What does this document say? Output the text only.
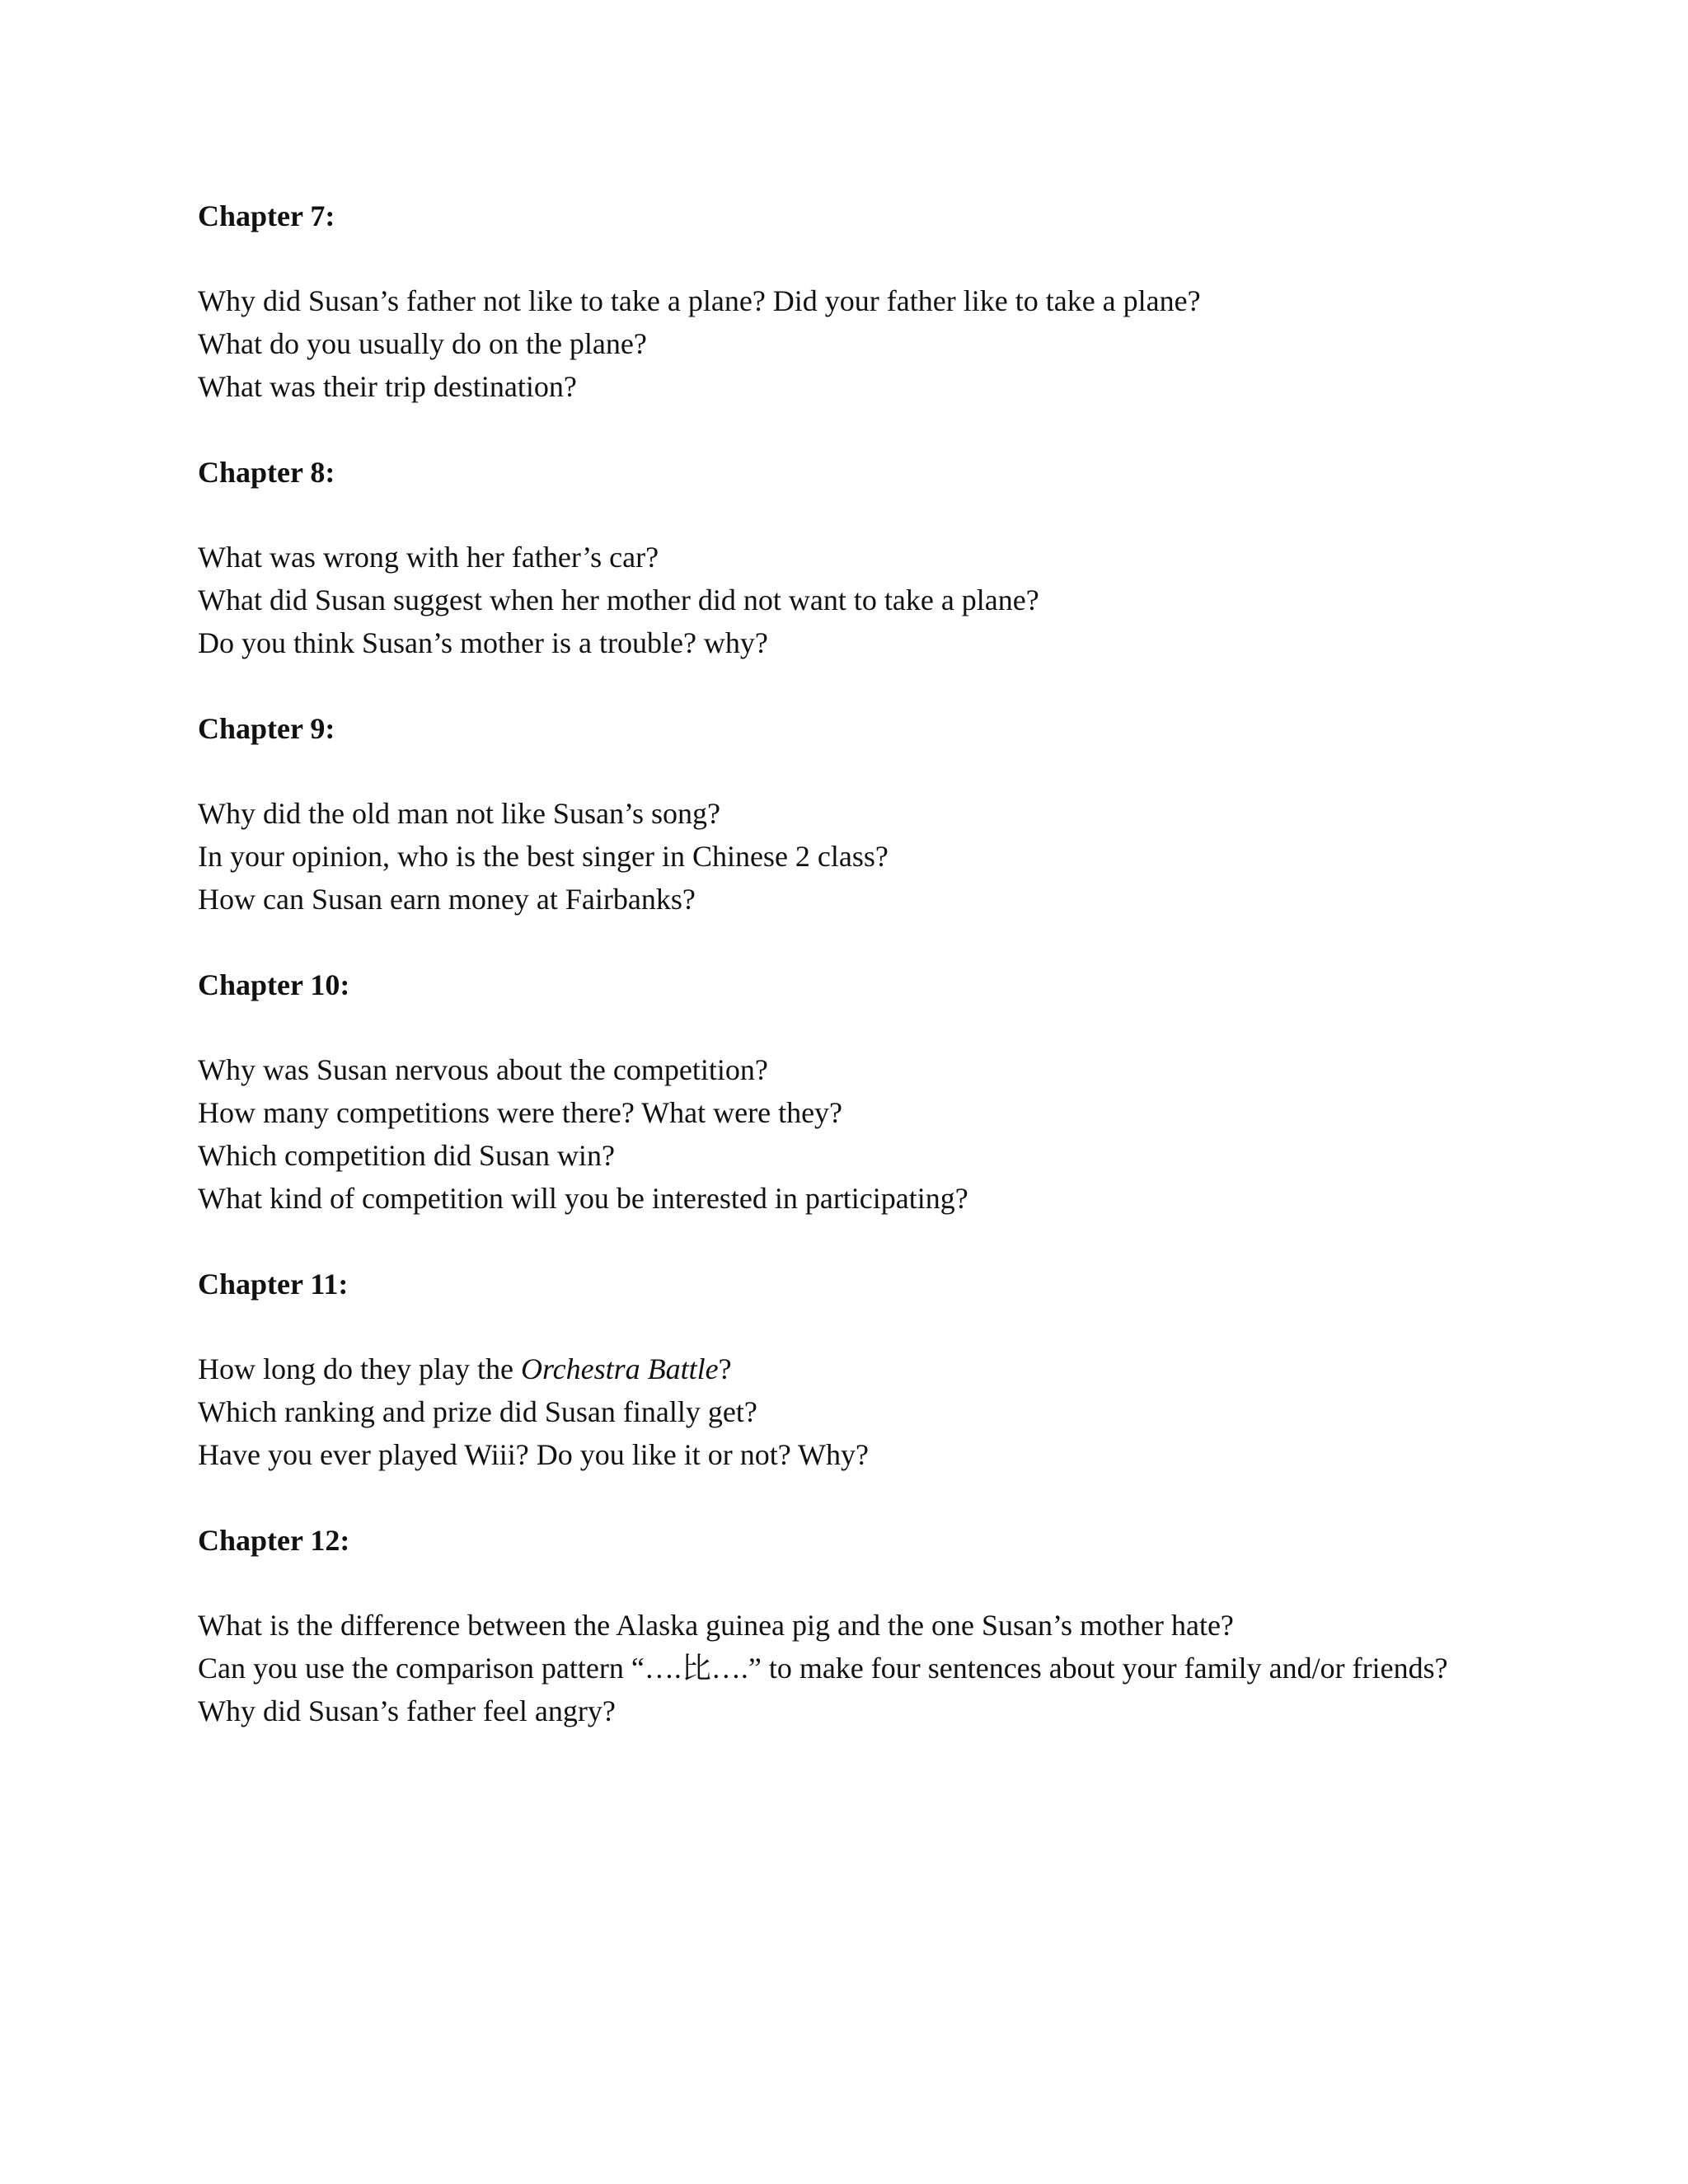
Chapter 7:

Why did Susan’s father not like to take a plane? Did your father like to take a plane?

What do you usually do on the plane?

What was their trip destination?

Chapter 8:

What was wrong with her father’s car?

What did Susan suggest when her mother did not want to take a plane?

Do you think Susan’s mother is a trouble? why?

Chapter 9:

Why did the old man not like Susan’s song?

In your opinion, who is the best singer in Chinese 2 class?

How can Susan earn money at Fairbanks?

Chapter 10:

Why was Susan nervous about the competition?

How many competitions were there? What were they?

Which competition did Susan win?

What kind of competition will you be interested in participating?

Chapter 11:

How long do they play the Orchestra Battle?

Which ranking and prize did Susan finally get?

Have you ever played Wiii? Do you like it or not? Why?

Chapter 12:

What is the difference between the Alaska guinea pig and the one Susan’s mother hate?

Can you use the comparison pattern “….比….” to make four sentences about your family and/or friends?

Why did Susan’s father feel angry?
